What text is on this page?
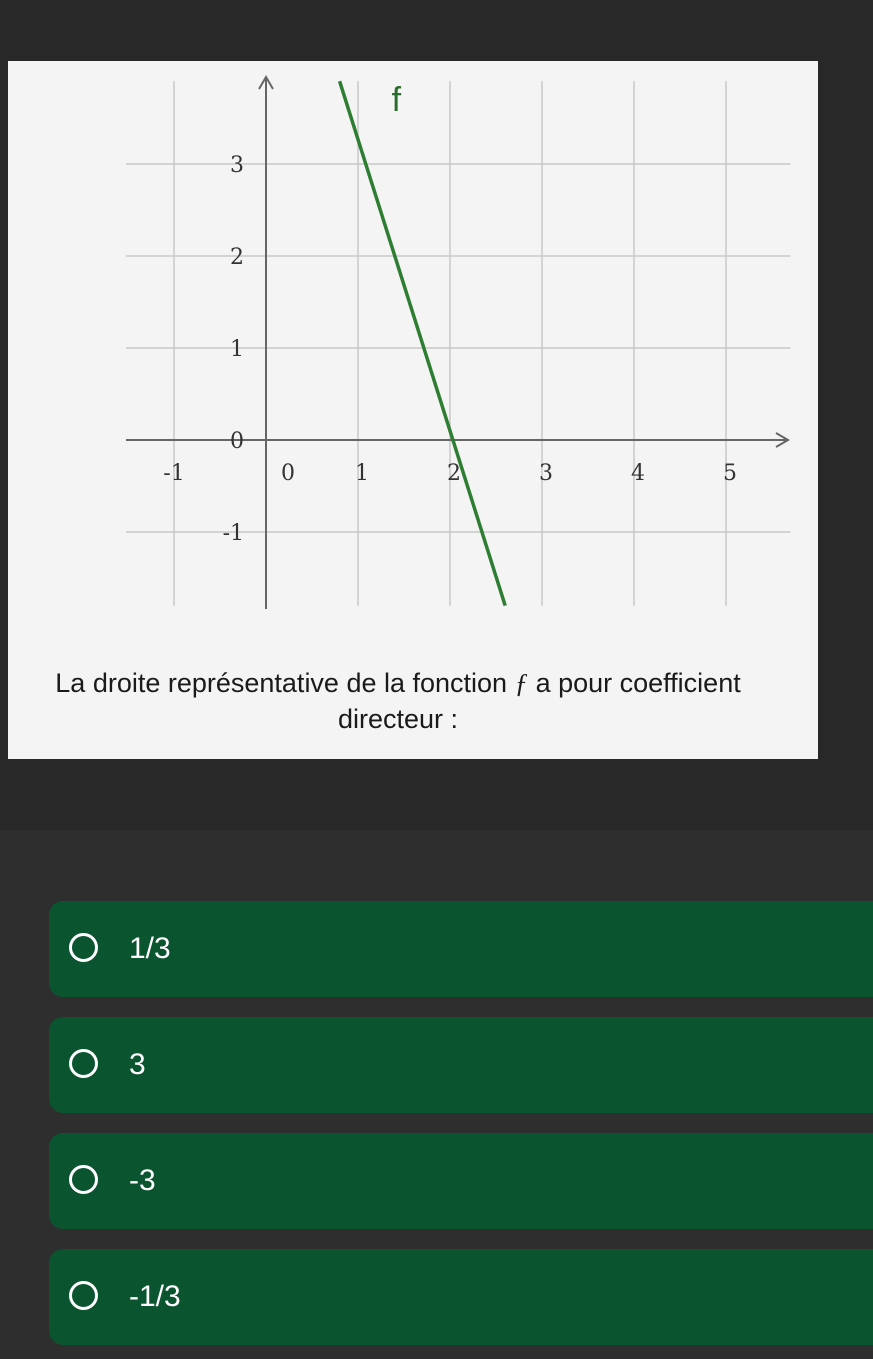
-1	0	1	2	3	4	5
3
2
1
0
-1
f
La droite représentative de la fonction ƒ a pour coefficient directeur :
1/3
3
-3
-1/3
